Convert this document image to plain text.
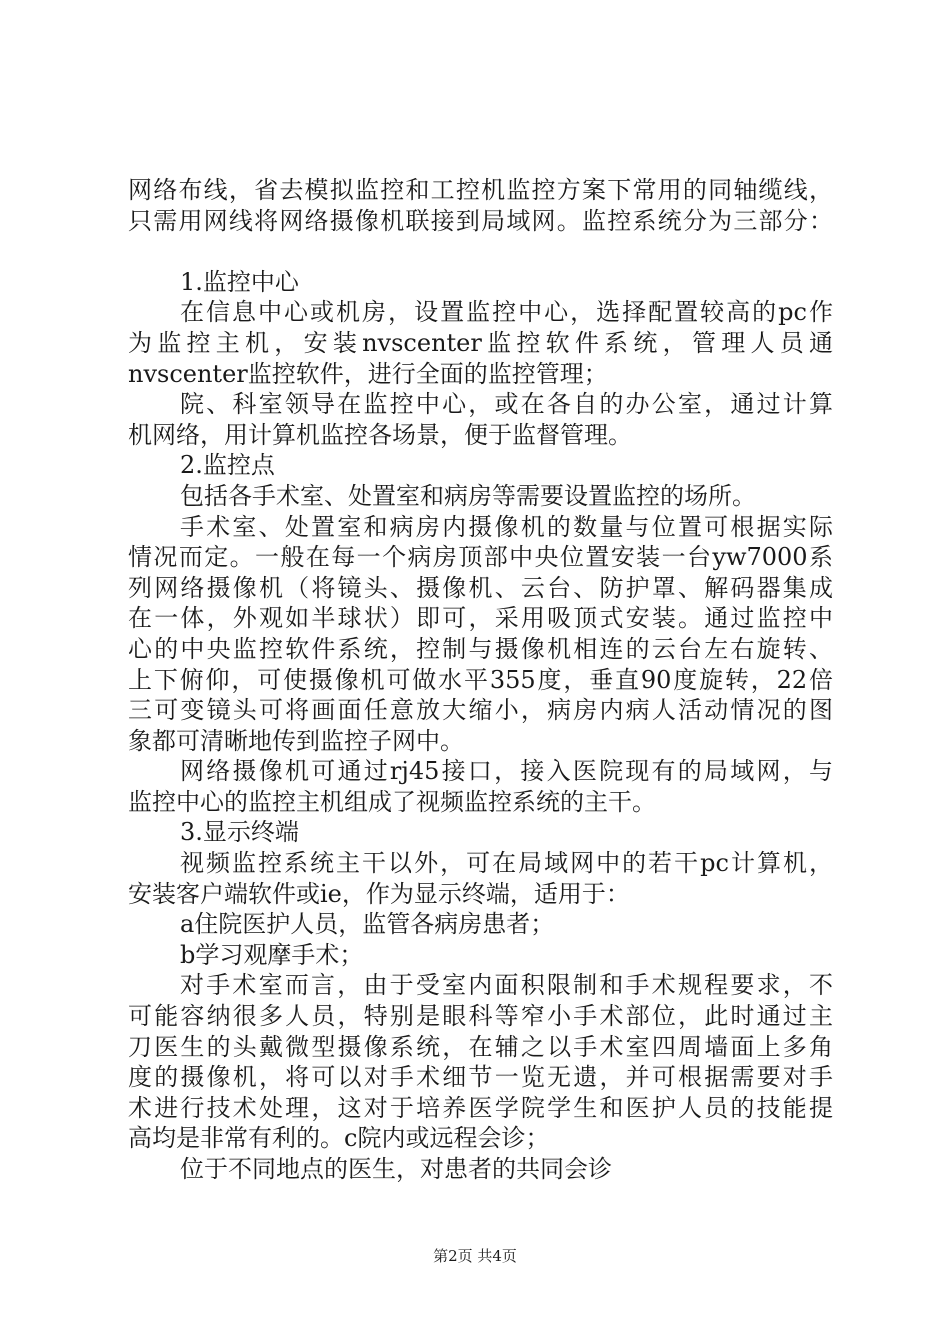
网络布线，省去模拟监控和工控机监控方案下常用的同轴缆线，
只需用网线将网络摄像机联接到局域网。监控系统分为三部分：
1.监控中心
在信息中心或机房，设置监控中心，选择配置较高的pc作
为监控主机，安装nvscenter监控软件系统，管理人员通
nvscenter监控软件，进行全面的监控管理；
院、科室领导在监控中心，或在各自的办公室，通过计算
机网络，用计算机监控各场景，便于监督管理。
2.监控点
包括各手术室、处置室和病房等需要设置监控的场所。
手术室、处置室和病房内摄像机的数量与位置可根据实际
情况而定。一般在每一个病房顶部中央位置安装一台yw7000系
列网络摄像机（将镜头、摄像机、云台、防护罩、解码器集成
在一体，外观如半球状）即可，采用吸顶式安装。通过监控中
心的中央监控软件系统，控制与摄像机相连的云台左右旋转、
上下俯仰，可使摄像机可做水平355度，垂直90度旋转，22倍
三可变镜头可将画面任意放大缩小，病房内病人活动情况的图
象都可清晰地传到监控子网中。
网络摄像机可通过rj45接口，接入医院现有的局域网，与
监控中心的监控主机组成了视频监控系统的主干。
3.显示终端
视频监控系统主干以外，可在局域网中的若干pc计算机，
安装客户端软件或ie，作为显示终端，适用于：
a住院医护人员，监管各病房患者；
b学习观摩手术；
对手术室而言，由于受室内面积限制和手术规程要求，不
可能容纳很多人员，特别是眼科等窄小手术部位，此时通过主
刀医生的头戴微型摄像系统，在辅之以手术室四周墙面上多角
度的摄像机，将可以对手术细节一览无遗，并可根据需要对手
术进行技术处理，这对于培养医学院学生和医护人员的技能提
高均是非常有利的。c院内或远程会诊；
位于不同地点的医生，对患者的共同会诊
第2页 共4页
